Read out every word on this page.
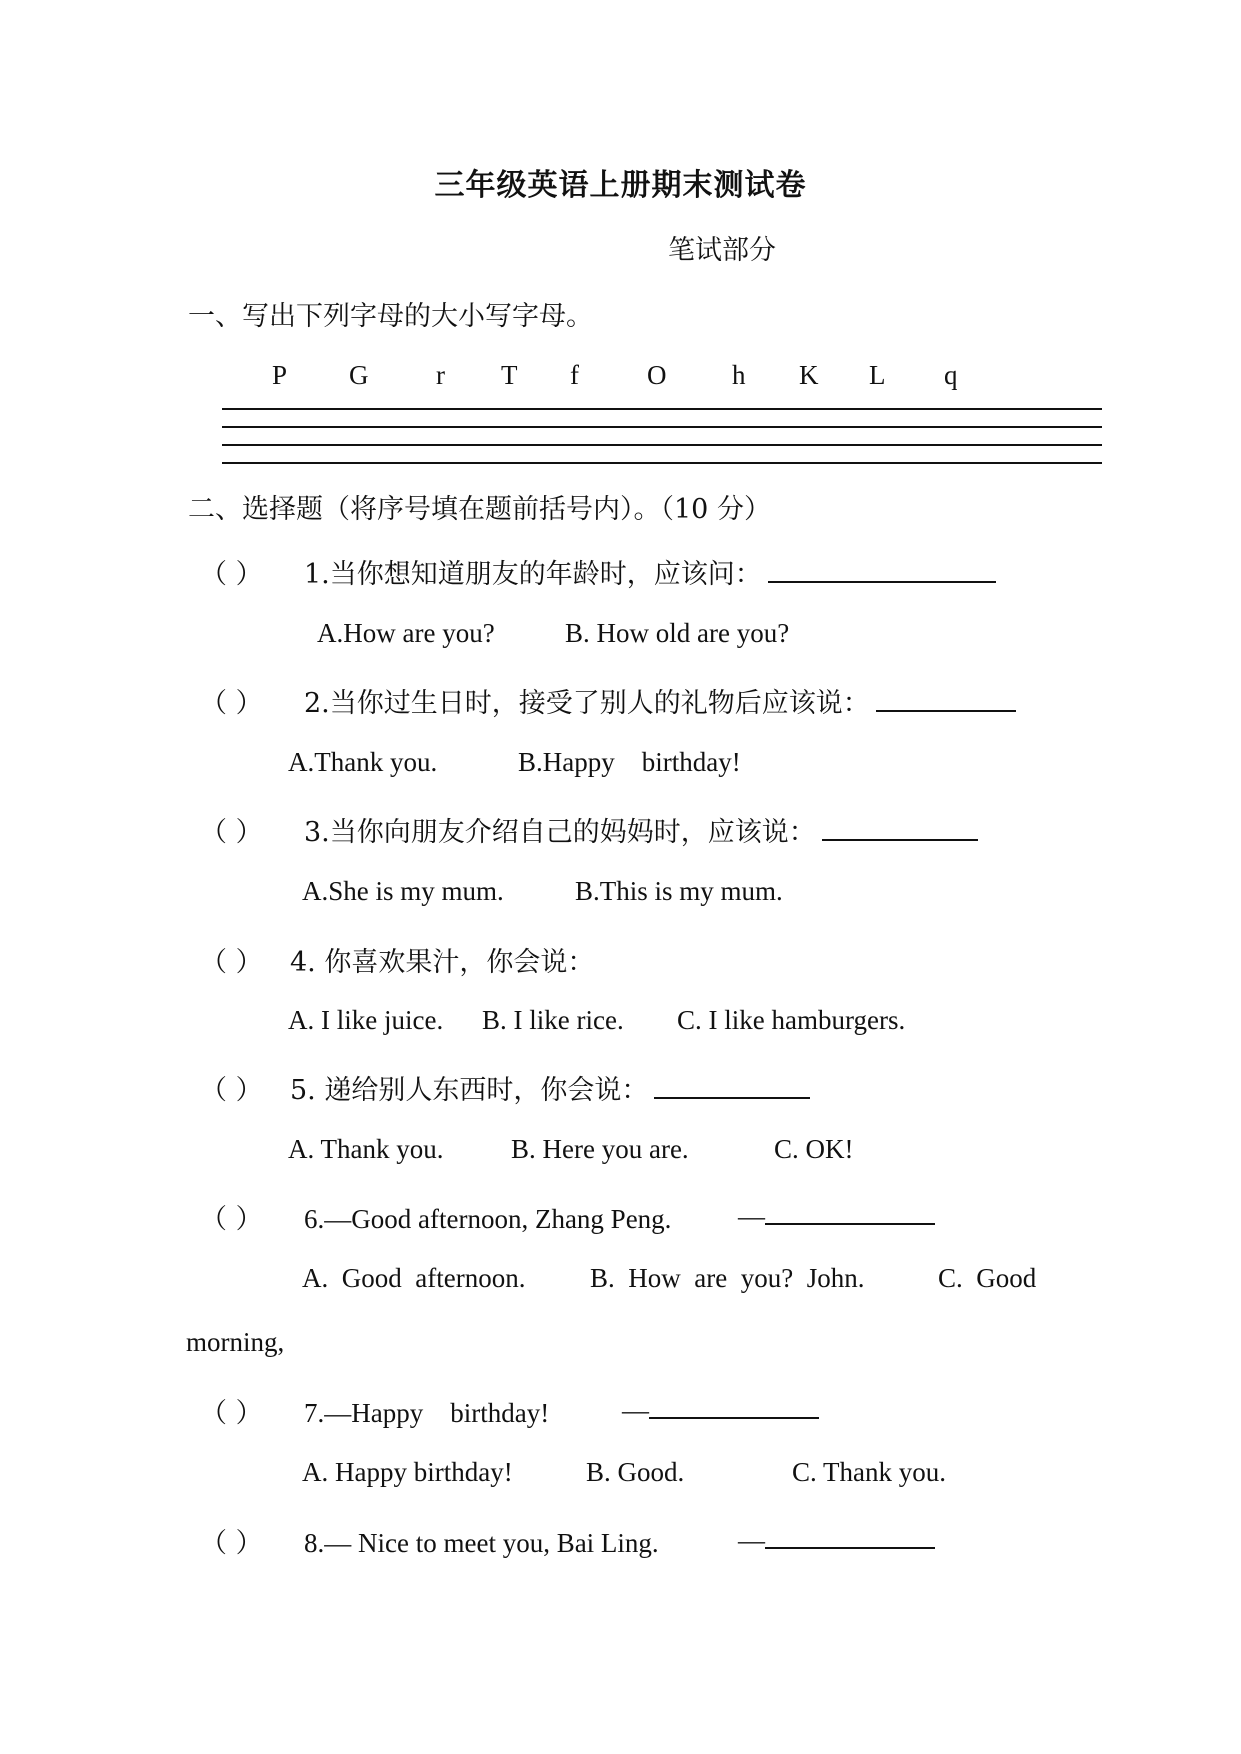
三年级英语上册期末测试卷
笔试部分
一、写出下列字母的大小写字母。
P G	r T f	O h K L q
二、选择题（将序号填在题前括号内）。（10 分）
（ ） 1.当你想知道朋友的年龄时，应该问：
A.How are you?	B. How old are you?
（ ） 2.当你过生日时，接受了别人的礼物后应该说：
A.Thank you.	B.Happy    birthday!
（ ） 3.当你向朋友介绍自己的妈妈时，应该说：
A.She is my mum.	B.This is my mum.
（ ） 4. 你喜欢果汁，你会说：
A. I like juice. B. I like rice. C. I like hamburgers.
（ ） 5. 递给别人东西时，你会说：
A. Thank you.	B. Here you are.	C. OK!
（ ） 6.—Good afternoon, Zhang Peng. —
A.  Good  afternoon. B.  How  are  you?  John.	C.  Good
morning,
（ ） 7.—Happy    birthday!	—
A. Happy birthday!	B. Good.	C. Thank you.
（ ） 8.— Nice to meet you, Bai Ling.	—
